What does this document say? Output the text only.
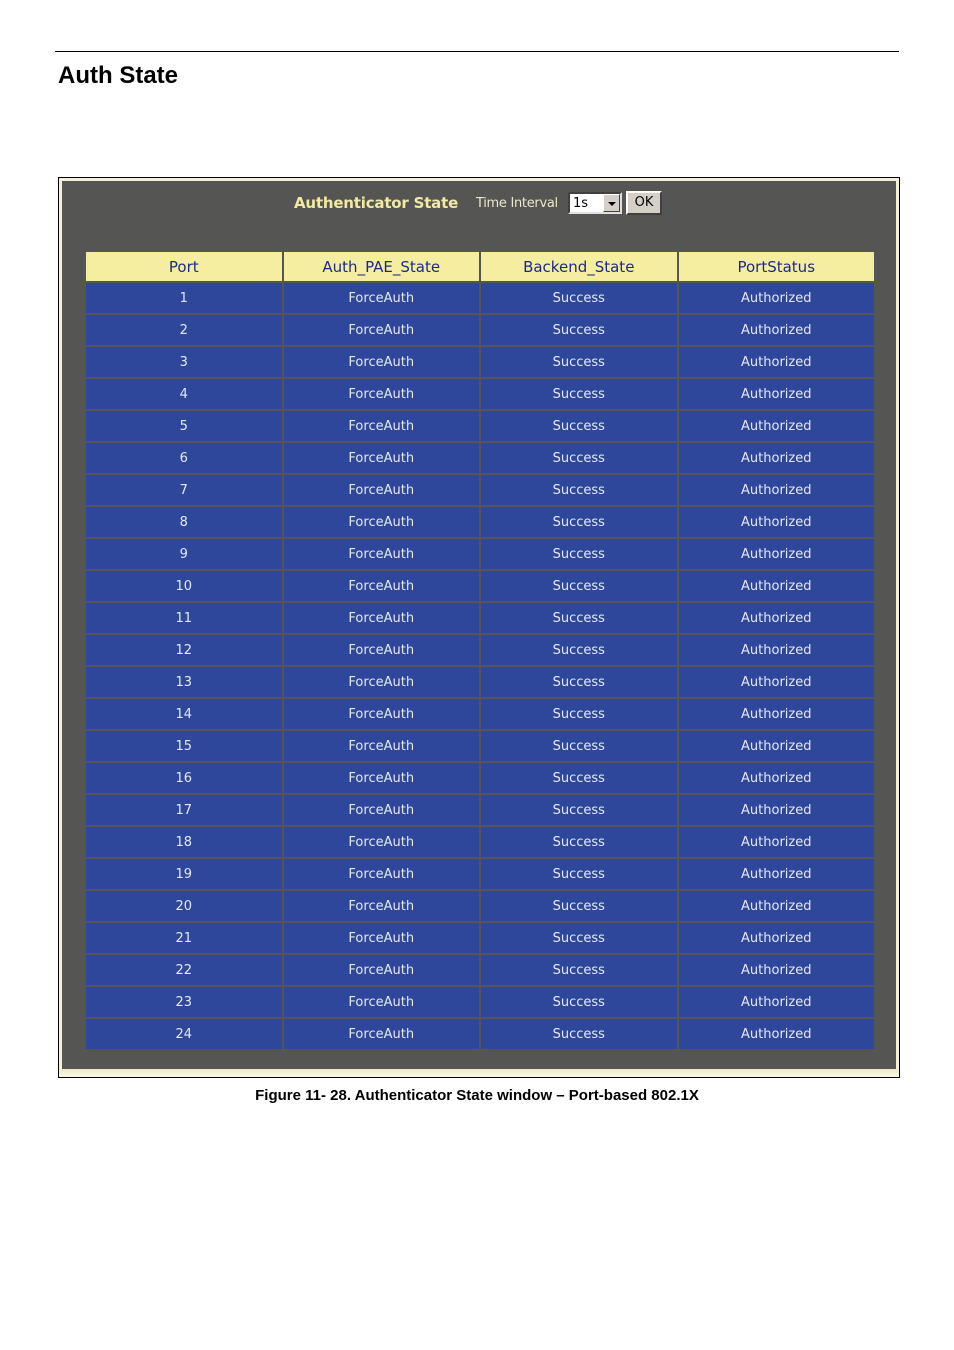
Auth State
Authenticator State Time Interval 1s	OK
Port	Auth_PAE_State	Backend_State	PortStatus
1	ForceAuth	Success	Authorized
2	ForceAuth	Success	Authorized
3	ForceAuth	Success	Authorized
4	ForceAuth	Success	Authorized
5	ForceAuth	Success	Authorized
6	ForceAuth	Success	Authorized
7	ForceAuth	Success	Authorized
8	ForceAuth	Success	Authorized
9	ForceAuth	Success	Authorized
10	ForceAuth	Success	Authorized
11	ForceAuth	Success	Authorized
12	ForceAuth	Success	Authorized
13	ForceAuth	Success	Authorized
14	ForceAuth	Success	Authorized
15	ForceAuth	Success	Authorized
16	ForceAuth	Success	Authorized
17	ForceAuth	Success	Authorized
18	ForceAuth	Success	Authorized
19	ForceAuth	Success	Authorized
20	ForceAuth	Success	Authorized
21	ForceAuth	Success	Authorized
22	ForceAuth	Success	Authorized
23	ForceAuth	Success	Authorized
24	ForceAuth	Success	Authorized
Figure 11- 28. Authenticator State window – Port-based 802.1X
